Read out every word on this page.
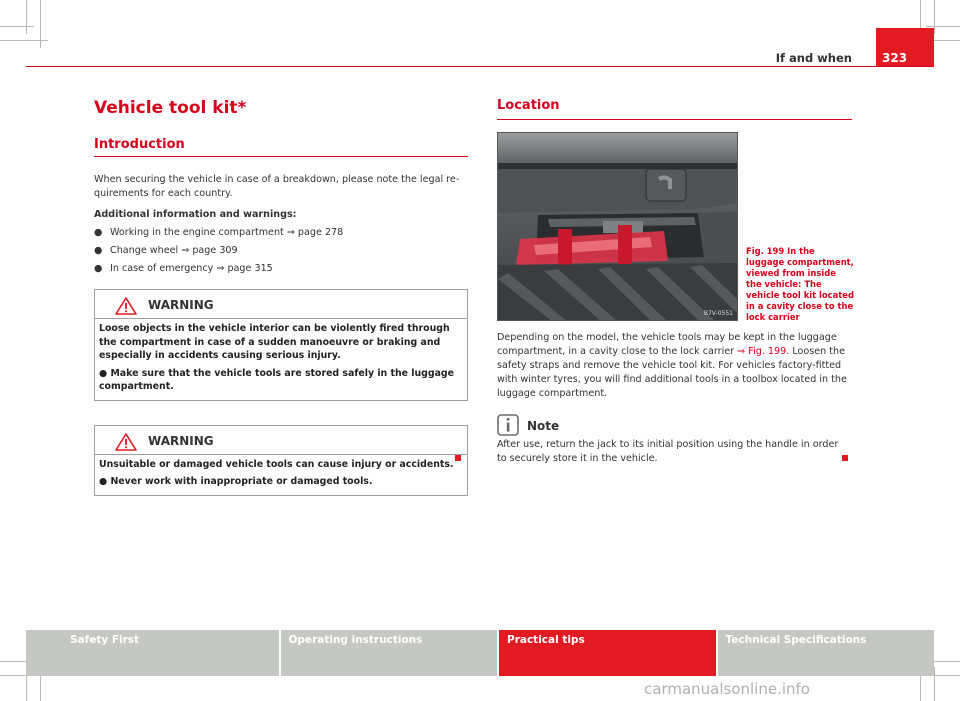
If and when	323
Vehicle tool kit*
Introduction

When securing the vehicle in case of a breakdown, please note the legal requirements for each country.

Additional information and warnings:

● Working in the engine compartment ⇒ page 278
● Change wheel ⇒ page 309
● In case of emergency ⇒ page 315
WARNING

Loose objects in the vehicle interior can be violently fired through the compartment in case of a sudden manoeuvre or braking and especially in accidents causing serious injury.

● Make sure that the vehicle tools are stored safely in the luggage compartment.

WARNING

Unsuitable or damaged vehicle tools can cause injury or accidents.

● Never work with inappropriate or damaged tools.

Location
B7V-0551
Fig. 199 In the luggage compartment, viewed from inside the vehicle: The vehicle tool kit located in a cavity close to the lock carrier

Depending on the model, the vehicle tools may be kept in the luggage compartment, in a cavity close to the lock carrier ⇒ Fig. 199. Loosen the safety straps and remove the vehicle tool kit. For vehicles factory-fitted with winter tyres, you will find additional tools in a toolbox located in the luggage compartment.

Note

After use, return the jack to its initial position using the handle in order to securely store it in the vehicle.

Safety First	Operating instructions	Practical tips	Technical Specifications
carmanualsonline.info
